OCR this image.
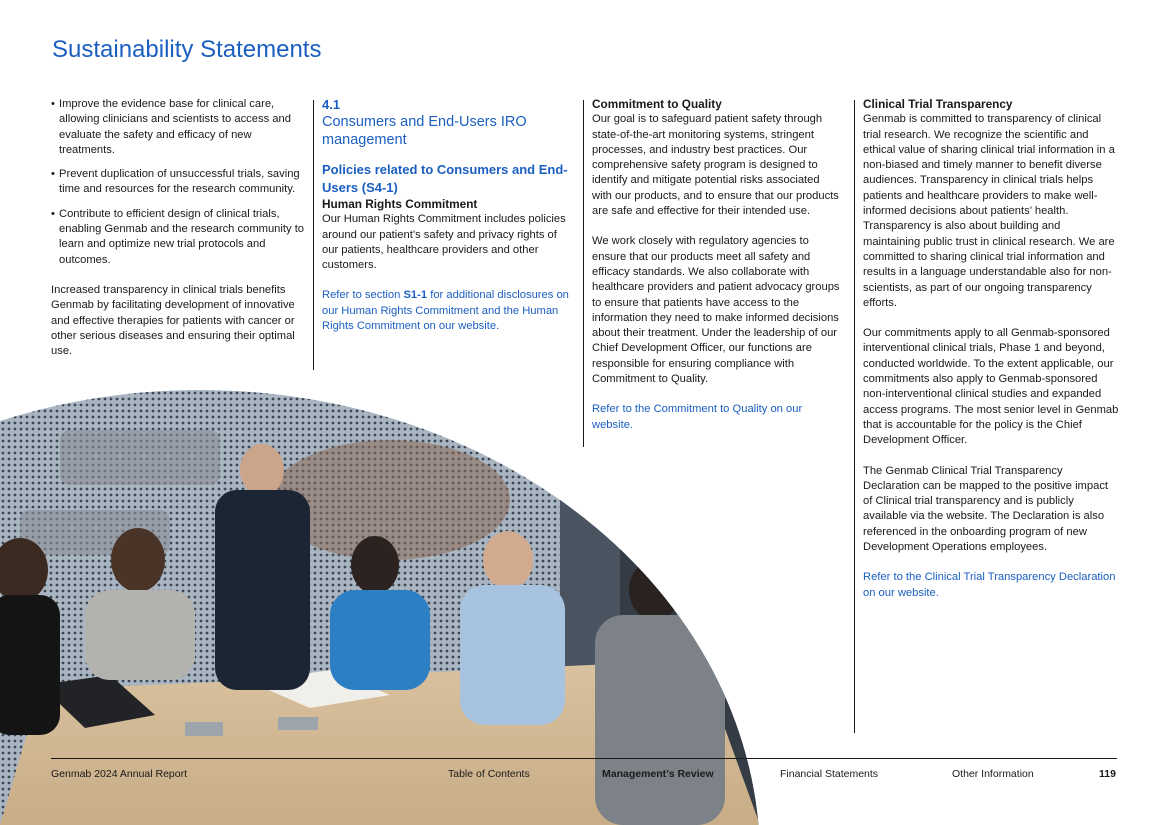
Sustainability Statements
• Improve the evidence base for clinical care, allowing clinicians and scientists to access and evaluate the safety and efficacy of new treatments.
• Prevent duplication of unsuccessful trials, saving time and resources for the research community.
• Contribute to efficient design of clinical trials, enabling Genmab and the research community to learn and optimize new trial protocols and outcomes.

Increased transparency in clinical trials benefits Genmab by facilitating development of innovative and effective therapies for patients with cancer or other serious diseases and ensuring their optimal use.

4.1
Consumers and End-Users IRO management
Policies related to Consumers and End-Users (S4-1)
Human Rights Commitment

Our Human Rights Commitment includes policies around our patient’s safety and privacy rights of our patients, healthcare providers and other customers.

Refer to section S1-1 for additional disclosures on our Human Rights Commitment and the Human Rights Commitment on our website.

Commitment to Quality

Our goal is to safeguard patient safety through state-of-the-art monitoring systems, stringent processes, and industry best practices. Our comprehensive safety program is designed to identify and mitigate potential risks associated with our products, and to ensure that our products are safe and effective for their intended use.

We work closely with regulatory agencies to ensure that our products meet all safety and efficacy standards. We also collaborate with healthcare providers and patient advocacy groups to ensure that patients have access to the information they need to make informed decisions about their treatment. Under the leadership of our Chief Development Officer, our functions are responsible for ensuring compliance with Commitment to Quality.

Refer to the Commitment to Quality on our website.

Clinical Trial Transparency

Genmab is committed to transparency of clinical trial research. We recognize the scientific and ethical value of sharing clinical trial information in a non-biased and timely manner to benefit diverse audiences. Transparency in clinical trials helps patients and healthcare providers to make well-informed decisions about patients’ health. Transparency is also about building and maintaining public trust in clinical research. We are committed to sharing clinical trial information and results in a language understandable also for non-scientists, as part of our ongoing transparency efforts.

Our commitments apply to all Genmab-sponsored interventional clinical trials, Phase 1 and beyond, conducted worldwide. To the extent applicable, our commitments also apply to Genmab-sponsored non-interventional clinical studies and expanded access programs. The most senior level in Genmab that is accountable for the policy is the Chief Development Officer.

The Genmab Clinical Trial Transparency Declaration can be mapped to the positive impact of Clinical trial transparency and is publicly available via the website. The Declaration is also referenced in the onboarding program of new Development Operations employees.

Refer to the Clinical Trial Transparency Declaration on our website.

Genmab 2024 Annual Report	Table of Contents	Management’s Review	Financial Statements	Other Information	119
